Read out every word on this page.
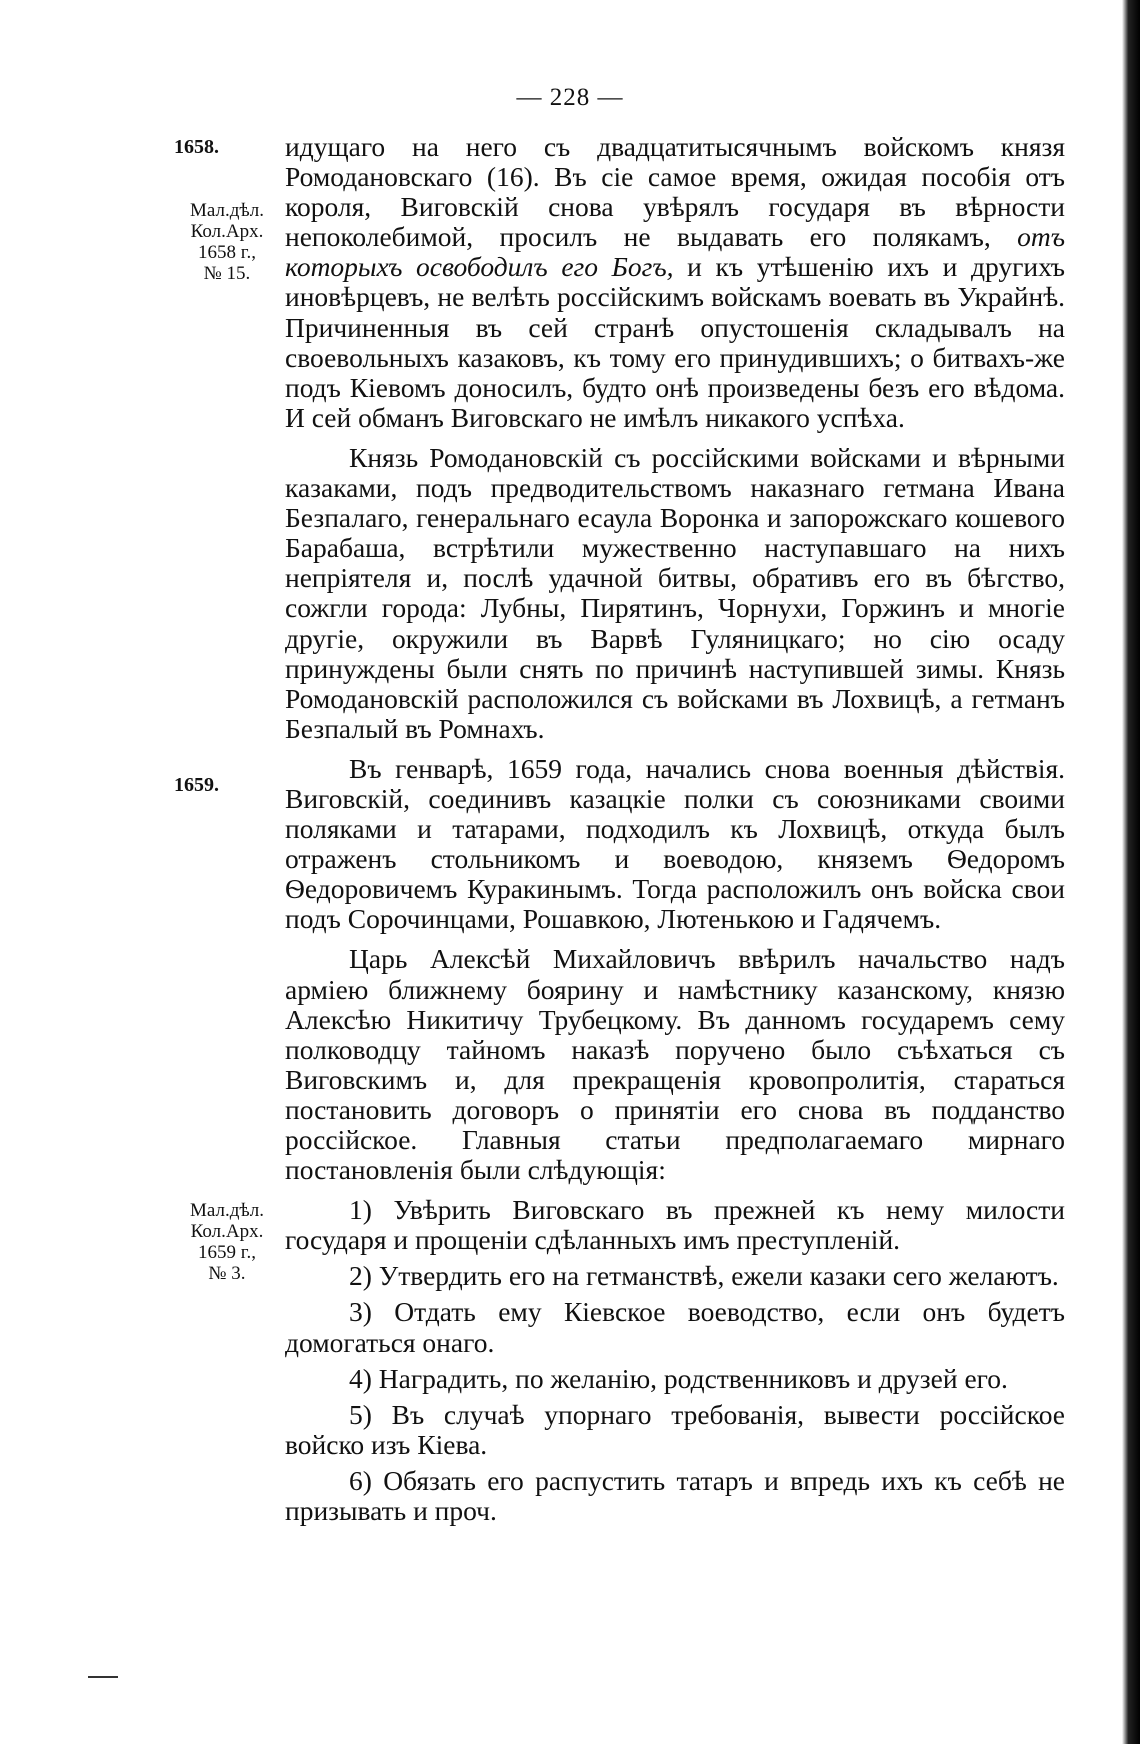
— 228 —
1658.
Мал.дѣл.
Кол.Арх.
1658 г.,
№ 15.
1659.
Мал.дѣл.
Кол.Арх.
1659 г.,
№ 3.

идущаго на него съ двадцатитысячнымъ войскомъ князя Ромодановскаго (16). Въ сіе самое время, ожидая пособія отъ короля, Виговскій снова увѣрялъ государя въ вѣрности непоколебимой, просилъ не выдавать его полякамъ, отъ которыхъ освободилъ его Богъ, и къ утѣшенію ихъ и другихъ иновѣрцевъ, не велѣть россійскимъ войскамъ воевать въ Украйнѣ. Причиненныя въ сей странѣ опустошенія складывалъ на своевольныхъ казаковъ, къ тому его принудившихъ; о битвахъ-же подъ Кіевомъ доносилъ, будто онѣ произведены безъ его вѣдома. И сей обманъ Виговскаго не имѣлъ никакого успѣха.

Князь Ромодановскій съ россійскими войсками и вѣрными казаками, подъ предводительствомъ наказнаго гетмана Ивана Безпалаго, генеральнаго есаула Воронка и запорожскаго кошевого Барабаша, встрѣтили мужественно наступавшаго на нихъ непріятеля и, послѣ удачной битвы, обративъ его въ бѣгство, сожгли города: Лубны, Пирятинъ, Чорнухи, Горжинъ и многіе другіе, окружили въ Варвѣ Гуляницкаго; но сію осаду принуждены были снять по причинѣ наступившей зимы. Князь Ромодановскій расположился съ войсками въ Лохвицѣ, а гетманъ Безпалый въ Ромнахъ.

Въ генварѣ, 1659 года, начались снова военныя дѣйствія. Виговскій, соединивъ казацкіе полки съ союзниками своими поляками и татарами, подходилъ къ Лохвицѣ, откуда былъ отраженъ стольникомъ и воеводою, княземъ Ѳедоромъ Ѳедоровичемъ Куракинымъ. Тогда расположилъ онъ войска свои подъ Сорочинцами, Рошавкою, Лютенькою и Гадячемъ.

Царь Алексѣй Михайловичъ ввѣрилъ начальство надъ арміею ближнему боярину и намѣстнику казанскому, князю Алексѣю Никитичу Трубецкому. Въ данномъ государемъ сему полководцу тайномъ наказѣ поручено было съѣхаться съ Виговскимъ и, для прекращенія кровопролитія, стараться постановить договоръ о принятіи его снова въ подданство россійское. Главныя статьи предполагаемаго мирнаго постановленія были слѣдующія:

1) Увѣрить Виговскаго въ прежней къ нему милости государя и прощеніи сдѣланныхъ имъ преступленій.

2) Утвердить его на гетманствѣ, ежели казаки сего желаютъ.

3) Отдать ему Кіевское воеводство, если онъ будетъ домогаться онаго.

4) Наградить, по желанію, родственниковъ и друзей его.

5) Въ случаѣ упорнаго требованія, вывести россійское войско изъ Кіева.

6) Обязать его распустить татаръ и впредь ихъ къ себѣ не призывать и проч.
